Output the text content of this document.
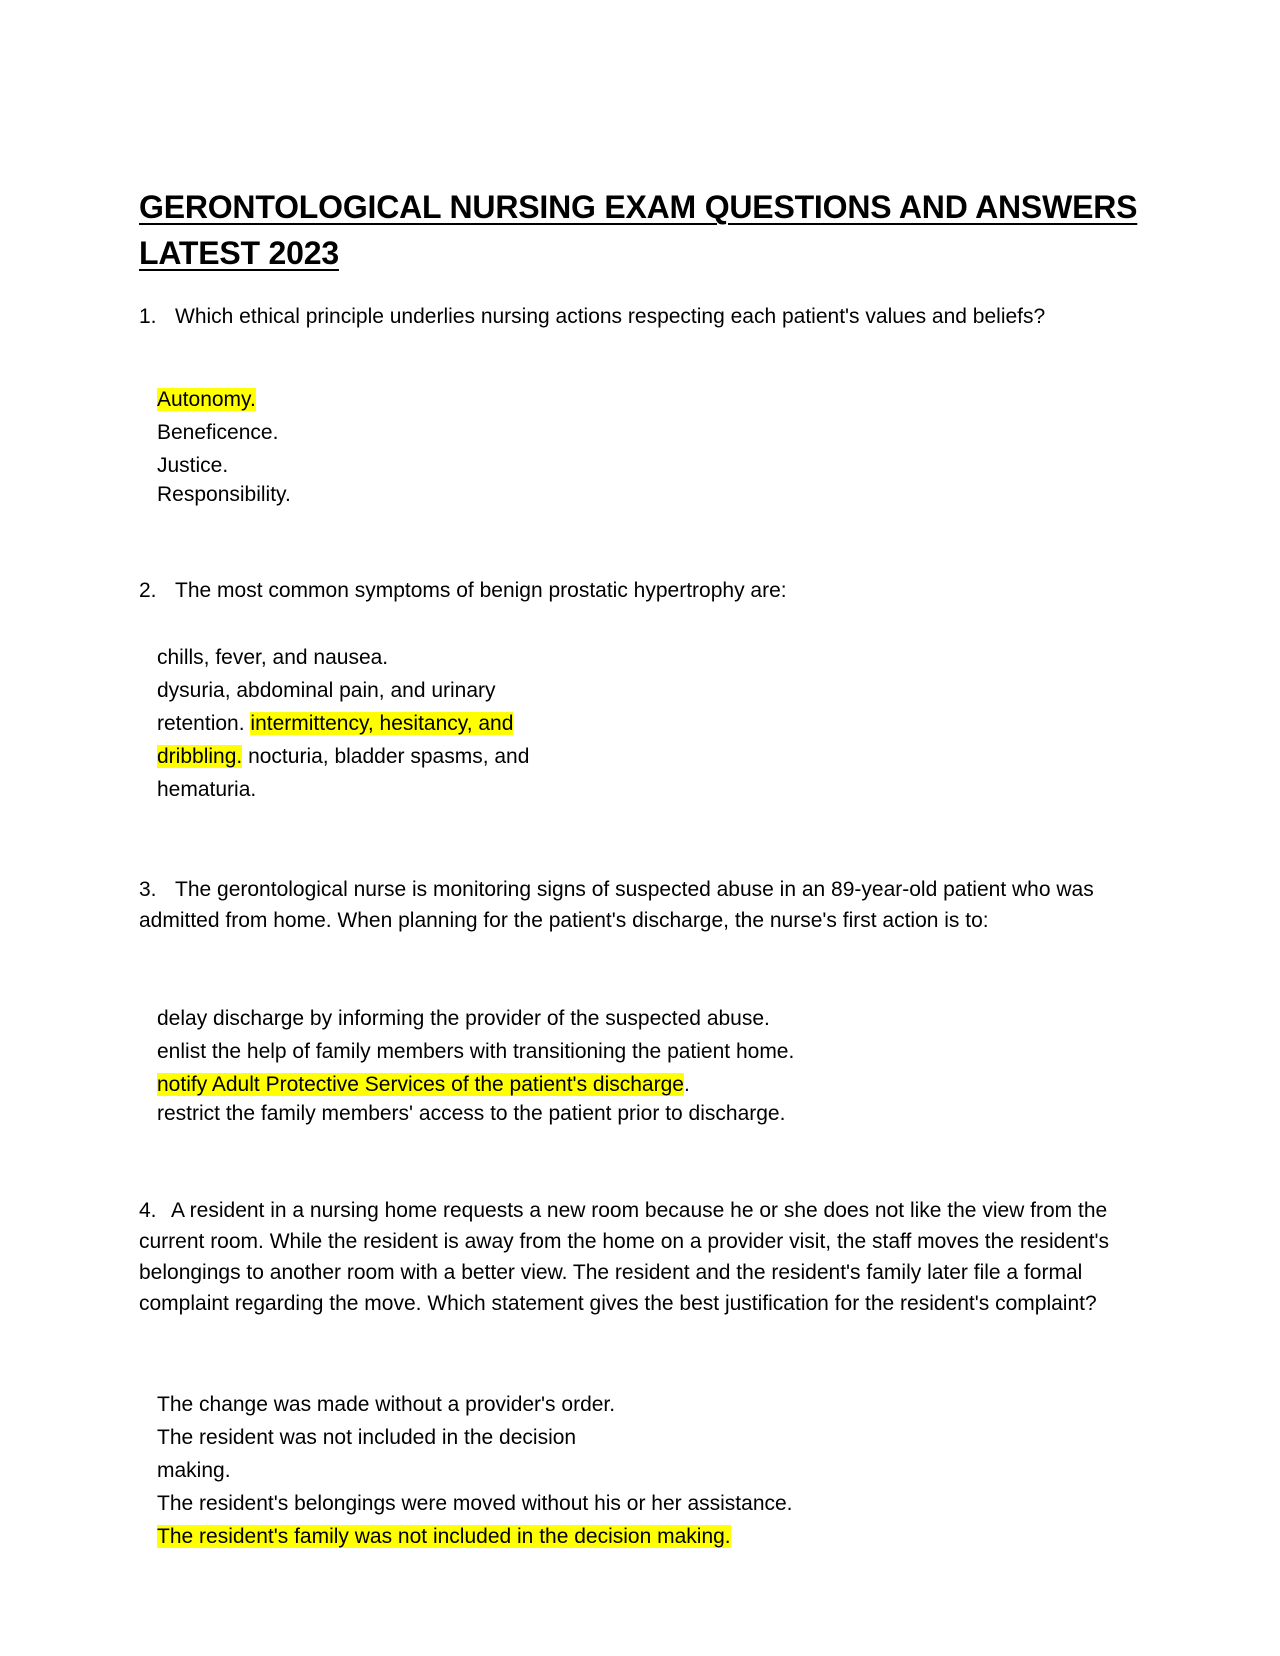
GERONTOLOGICAL NURSING EXAM QUESTIONS AND ANSWERS LATEST 2023

1. Which ethical principle underlies nursing actions respecting each patient's values and beliefs?

Autonomy.
Beneficence.
Justice.
Responsibility.

2. The most common symptoms of benign prostatic hypertrophy are:

chills, fever, and nausea.
dysuria, abdominal pain, and urinary retention. intermittency, hesitancy, and dribbling. nocturia, bladder spasms, and hematuria.

3. The gerontological nurse is monitoring signs of suspected abuse in an 89-year-old patient who was admitted from home. When planning for the patient's discharge, the nurse's first action is to:

delay discharge by informing the provider of the suspected abuse.
enlist the help of family members with transitioning the patient home. notify Adult Protective Services of the patient's discharge.
restrict the family members' access to the patient prior to discharge.

4. A resident in a nursing home requests a new room because he or she does not like the view from the current room. While the resident is away from the home on a provider visit, the staff moves the resident's belongings to another room with a better view. The resident and the resident's family later file a formal complaint regarding the move. Which statement gives the best justification for the resident's complaint?

The change was made without a provider's order.
The resident was not included in the decision making.
The resident's belongings were moved without his or her assistance.
The resident's family was not included in the decision making.
